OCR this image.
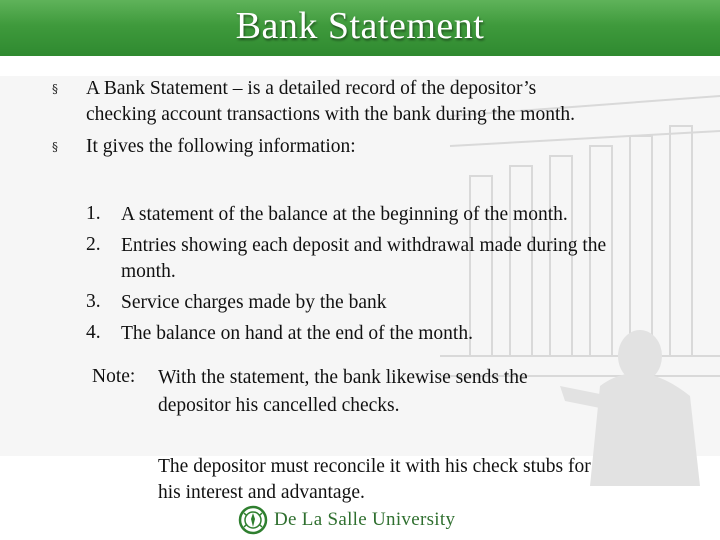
Bank Statement
§ A Bank Statement – is a detailed record of the depositor’s
checking account transactions with the bank during the month.
§ It gives the following information:
1. A statement of the balance at the beginning of the month.
2. Entries showing each deposit and withdrawal made during the
month.
3. Service charges made by the bank
4. The balance on hand at the end of the month.
Note: With the statement, the bank likewise sends the
depositor his cancelled checks.
The depositor must reconcile it with his check stubs for
his interest and advantage.
De La Salle University
